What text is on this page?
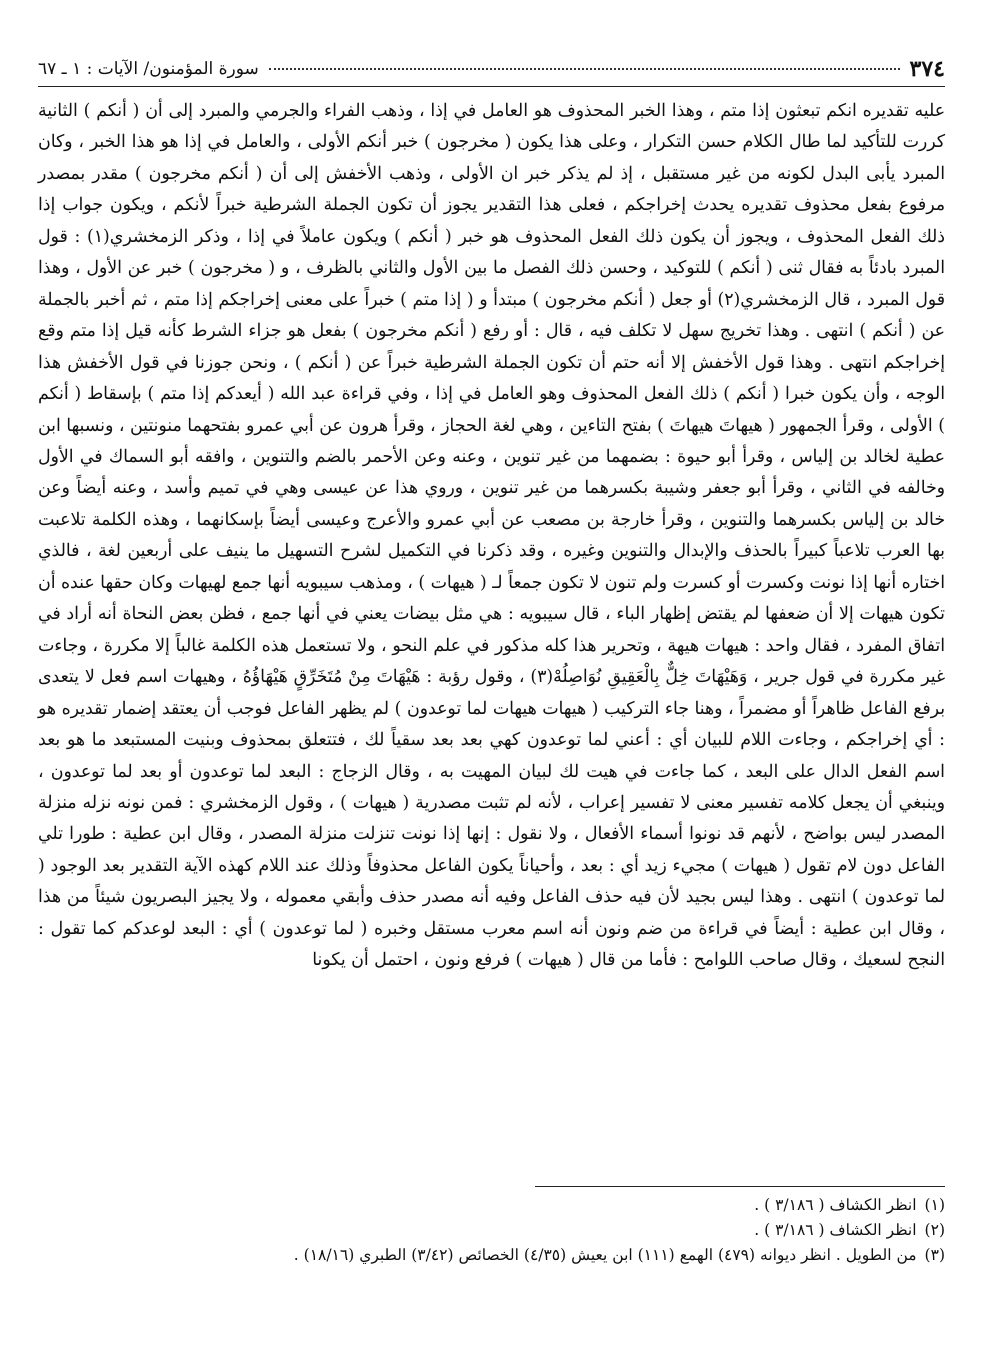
٣٧٤
سورة المؤمنون/ الآيات : ١ ـ ٦٧

عليه تقديره انكم تبعثون إذا متم ، وهذا الخبر المحذوف هو العامل في إذا ، وذهب الفراء والجرمي والمبرد إلى أن ( أنكم ) الثانية كررت للتأكيد لما طال الكلام حسن التكرار ، وعلى هذا يكون ( مخرجون ) خبر أنكم الأولى ، والعامل في إذا هو هذا الخبر ، وكان المبرد يأبى البدل لكونه من غير مستقبل ، إذ لم يذكر خبر ان الأولى ، وذهب الأخفش إلى أن ( أنكم مخرجون ) مقدر بمصدر مرفوع بفعل محذوف تقديره يحدث إخراجكم ، فعلى هذا التقدير يجوز أن تكون الجملة الشرطية خبراً لأنكم ، ويكون جواب إذا ذلك الفعل المحذوف ، ويجوز أن يكون ذلك الفعل المحذوف هو خبر ( أنكم ) ويكون عاملاً في إذا ، وذكر الزمخشري(١) : قول المبرد بادئاً به فقال ثنى ( أنكم ) للتوكيد ، وحسن ذلك الفصل ما بين الأول والثاني بالظرف ، و ( مخرجون ) خبر عن الأول ، وهذا قول المبرد ، قال الزمخشري(٢) أو جعل ( أنكم مخرجون ) مبتدأ و ( إذا متم ) خبراً على معنى إخراجكم إذا متم ، ثم أخبر بالجملة عن ( أنكم ) انتهى . وهذا تخريج سهل لا تكلف فيه ، قال : أو رفع ( أنكم مخرجون ) بفعل هو جزاء الشرط كأنه قيل إذا متم وقع إخراجكم انتهى . وهذا قول الأخفش إلا أنه حتم أن تكون الجملة الشرطية خبراً عن ( أنكم ) ، ونحن جوزنا في قول الأخفش هذا الوجه ، وأن يكون خبرا ( أنكم ) ذلك الفعل المحذوف وهو العامل في إذا ، وفي قراءة عبد الله ( أيعدكم إذا متم ) بإسقاط ( أنكم ) الأولى ، وقرأ الجمهور ( هيهاتَ هيهاتَ ) بفتح التاءين ، وهي لغة الحجاز ، وقرأ هرون عن أبي عمرو بفتحهما منونتين ، ونسبها ابن عطية لخالد بن إلياس ، وقرأ أبو حيوة : بضمهما من غير تنوين ، وعنه وعن الأحمر بالضم والتنوين ، وافقه أبو السماك في الأول وخالفه في الثاني ، وقرأ أبو جعفر وشيبة بكسرهما من غير تنوين ، وروي هذا عن عيسى وهي في تميم وأسد ، وعنه أيضاً وعن خالد بن إلياس بكسرهما والتنوين ، وقرأ خارجة بن مصعب عن أبي عمرو والأعرج وعيسى أيضاً بإسكانهما ، وهذه الكلمة تلاعبت بها العرب تلاعباً كبيراً بالحذف والإبدال والتنوين وغيره ، وقد ذكرنا في التكميل لشرح التسهيل ما ينيف على أربعين لغة ، فالذي اختاره أنها إذا نونت وكسرت أو كسرت ولم تنون لا تكون جمعاً لـ ( هيهات ) ، ومذهب سيبويه أنها جمع لهيهات وكان حقها عنده أن تكون هيهات إلا أن ضعفها لم يقتض إظهار الباء ، قال سيبويه : هي مثل بيضات يعني في أنها جمع ، فظن بعض النحاة أنه أراد في اتفاق المفرد ، فقال واحد : هيهات هيهة ، وتحرير هذا كله مذكور في علم النحو ، ولا تستعمل هذه الكلمة غالباً إلا مكررة ، وجاءت غير مكررة في قول جرير ، وَهَيْهَاتَ خِلٌّ بِالْعَقِيقِ نُوَاصِلُهْ(٣) ، وقول رؤبة : هَيْهَاتَ مِنْ مُتَخَرِّقٍ هَيْهَاؤُهُ ، وهيهات اسم فعل لا يتعدى برفع الفاعل ظاهراً أو مضمراً ، وهنا جاء التركيب ( هيهات هيهات لما توعدون ) لم يظهر الفاعل فوجب أن يعتقد إضمار تقديره هو : أي إخراجكم ، وجاءت اللام للبيان أي : أعني لما توعدون كهي بعد بعد سقياً لك ، فتتعلق بمحذوف وبنيت المستبعد ما هو بعد اسم الفعل الدال على البعد ، كما جاءت في هيت لك لبيان المهيت به ، وقال الزجاج : البعد لما توعدون أو بعد لما توعدون ، وينبغي أن يجعل كلامه تفسير معنى لا تفسير إعراب ، لأنه لم تثبت مصدرية ( هيهات ) ، وقول الزمخشري : فمن نونه نزله منزلة المصدر ليس بواضح ، لأنهم قد نونوا أسماء الأفعال ، ولا نقول : إنها إذا نونت تنزلت منزلة المصدر ، وقال ابن عطية : طورا تلي الفاعل دون لام تقول ( هيهات ) مجيء زيد أي : بعد ، وأحياناً يكون الفاعل محذوفاً وذلك عند اللام كهذه الآية التقدير بعد الوجود ( لما توعدون ) انتهى . وهذا ليس بجيد لأن فيه حذف الفاعل وفيه أنه مصدر حذف وأبقي معموله ، ولا يجيز البصريون شيئاً من هذا ، وقال ابن عطية : أيضاً في قراءة من ضم ونون أنه اسم معرب مستقل وخبره ( لما توعدون ) أي : البعد لوعدكم كما تقول : النجح لسعيك ، وقال صاحب اللوامح : فأما من قال ( هيهات ) فرفع ونون ، احتمل أن يكونا

(١)
انظر الكشاف ( ٣/١٨٦ ) .
(٢)
انظر الكشاف ( ٣/١٨٦ ) .
(٣)
من الطويل . انظر ديوانه (٤٧٩) الهمع (١١١) ابن يعيش (٤/٣٥) الخصائص (٣/٤٢) الطبري (١٨/١٦) .
